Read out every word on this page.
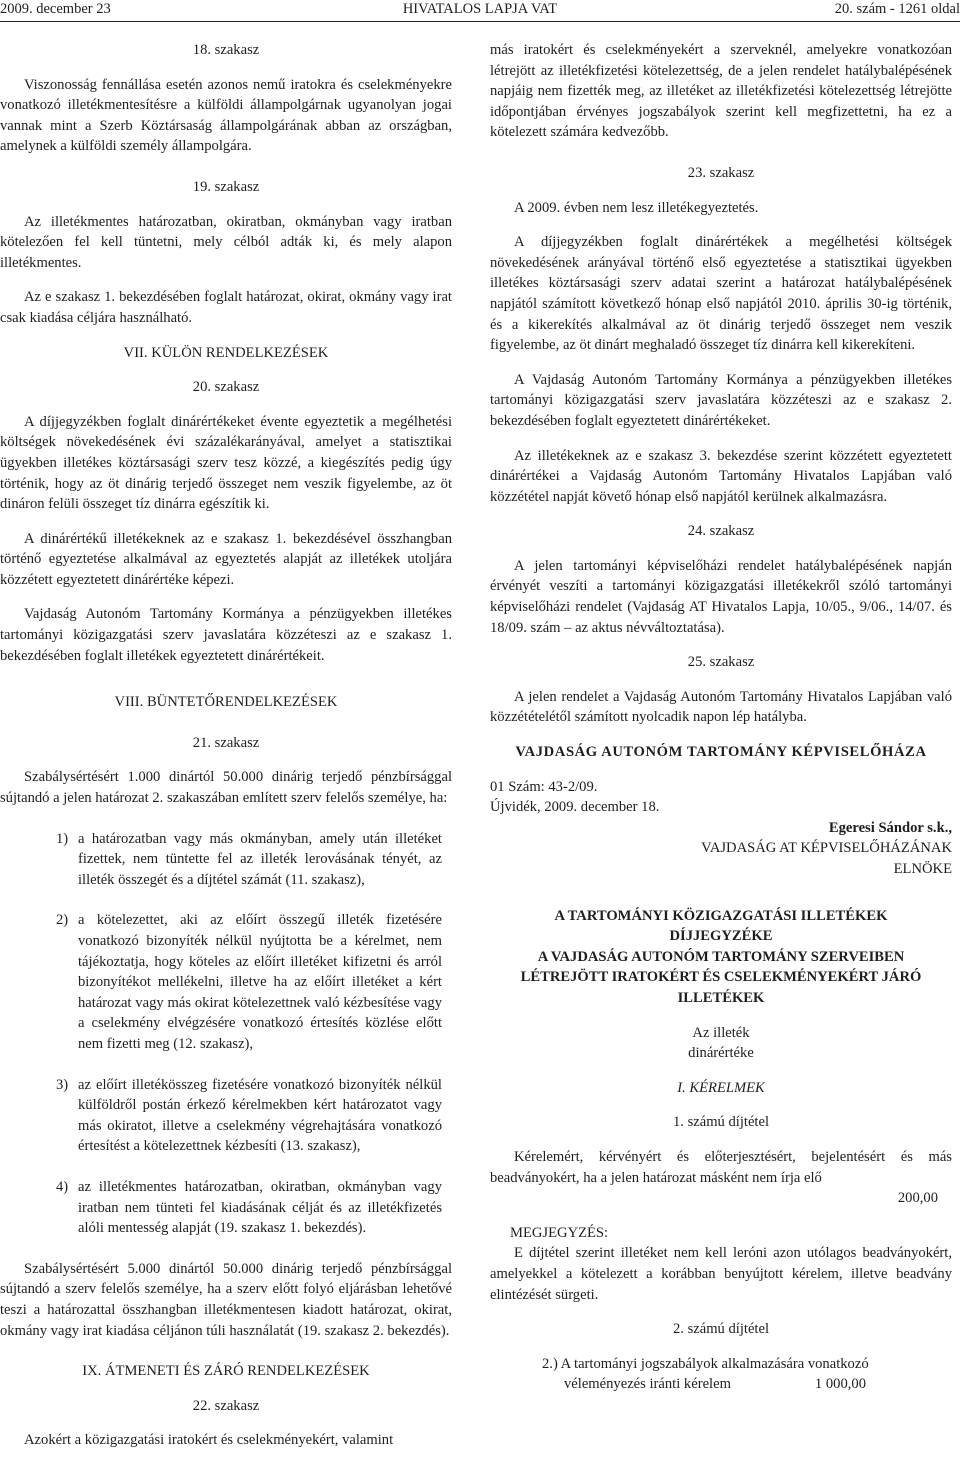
2009. december 23	HIVATALOS LAPJA VAT	20. szám - 1261 oldal

18. szakasz

Viszonosság fennállása esetén azonos nemű iratokra és cselekményekre vonatkozó illetékmentesítésre a külföldi állampolgárnak ugyanolyan jogai vannak mint a Szerb Köztársaság állampolgárának abban az országban, amelynek a külföldi személy állampolgára.

19. szakasz

Az illetékmentes határozatban, okiratban, okmányban vagy iratban kötelezően fel kell tüntetni, mely célból adták ki, és mely alapon illetékmentes.

Az e szakasz 1. bekezdésében foglalt határozat, okirat, okmány vagy irat csak kiadása céljára használható.

VII. KÜLÖN RENDELKEZÉSEK

20. szakasz

A díjjegyzékben foglalt dinárértékeket évente egyeztetik a megélhetési költségek növekedésének évi százalékarányával, amelyet a statisztikai ügyekben illetékes köztársasági szerv tesz közzé, a kiegészítés pedig úgy történik, hogy az öt dinárig terjedő összeget nem veszik figyelembe, az öt dináron felüli összeget tíz dinárra egészítik ki.

A dinárértékű illetékeknek az e szakasz 1. bekezdésével összhangban történő egyeztetése alkalmával az egyeztetés alapját az illetékek utoljára közzétett egyeztetett dinárértéke képezi.

Vajdaság Autonóm Tartomány Kormánya a pénzügyekben illetékes tartományi közigazgatási szerv javaslatára közzéteszi az e szakasz 1. bekezdésében foglalt illetékek egyeztetett dinárértékeit.

VIII. BÜNTETŐRENDELKEZÉSEK

21. szakasz

Szabálysértésért 1.000 dinártól 50.000 dinárig terjedő pénzbírsággal sújtandó a jelen határozat 2. szakaszában említett szerv felelős személye, ha:

1) a határozatban vagy más okmányban, amely után illetéket fizettek, nem tüntette fel az illeték lerovásának tényét, az illeték összegét és a díjtétel számát (11. szakasz),
2) a kötelezettet, aki az előírt összegű illeték fizetésére vonatkozó bizonyíték nélkül nyújtotta be a kérelmet, nem tájékoztatja, hogy köteles az előírt illetéket kifizetni és arról bizonyítékot mellékelni, illetve ha az előírt illetéket a kért határozat vagy más okirat kötelezettnek való kézbesítése vagy a cselekmény elvégzésére vonatkozó értesítés közlése előtt nem fizetti meg (12. szakasz),
3) az előírt illetékösszeg fizetésére vonatkozó bizonyíték nélkül külföldről postán érkező kérelmekben kért határozatot vagy más okiratot, illetve a cselekmény végrehajtására vonatkozó értesítést a kötelezettnek kézbesíti (13. szakasz),
4) az illetékmentes határozatban, okiratban, okmányban vagy iratban nem tünteti fel kiadásának célját és az illetékfizetés alóli mentesség alapját (19. szakasz 1. bekezdés).

Szabálysértésért 5.000 dinártól 50.000 dinárig terjedő pénzbírsággal sújtandó a szerv felelős személye, ha a szerv előtt folyó eljárásban lehetővé teszi a határozattal összhangban illetékmentesen kiadott határozat, okirat, okmány vagy irat kiadása céljánon túli használatát (19. szakasz 2. bekezdés).

IX. ÁTMENETI ÉS ZÁRÓ RENDELKEZÉSEK

22. szakasz

Azokért a közigazgatási iratokért és cselekményekért, valamint

más iratokért és cselekményekért a szerveknél, amelyekre vonatkozóan létrejött az illetékfizetési kötelezettség, de a jelen rendelet hatálybalépésének napjáig nem fizették meg, az illetéket az illetékfizetési kötelezettség létrejötte időpontjában érvényes jogszabályok szerint kell megfizettetni, ha ez a kötelezett számára kedvezőbb.

23. szakasz

A 2009. évben nem lesz illetékegyeztetés.

A díjjegyzékben foglalt dinárértékek a megélhetési költségek növekedésének arányával történő első egyeztetése a statisztikai ügyekben illetékes köztársasági szerv adatai szerint a határozat hatálybalépésének napjától számított következő hónap első napjától 2010. április 30-ig történik, és a kikerekítés alkalmával az öt dinárig terjedő összeget nem veszik figyelembe, az öt dinárt meghaladó összeget tíz dinárra kell kikerekíteni.

A Vajdaság Autonóm Tartomány Kormánya a pénzügyekben illetékes tartományi közigazgatási szerv javaslatára közzéteszi az e szakasz 2. bekezdésében foglalt egyeztetett dinárértékeket.

Az illetékeknek az e szakasz 3. bekezdése szerint közzétett egyeztetett dinárértékei a Vajdaság Autonóm Tartomány Hivatalos Lapjában való közzététel napját követő hónap első napjától kerülnek alkalmazásra.

24. szakasz

A jelen tartományi képviselőházi rendelet hatálybalépésének napján érvényét veszíti a tartományi közigazgatási illetékekről szóló tartományi képviselőházi rendelet (Vajdaság AT Hivatalos Lapja, 10/05., 9/06., 14/07. és 18/09. szám – az aktus névváltoztatása).

25. szakasz

A jelen rendelet a Vajdaság Autonóm Tartomány Hivatalos Lapjában való közzétételétől számított nyolcadik napon lép hatályba.

VAJDASÁG AUTONÓM TARTOMÁNY KÉPVISELŐHÁZA

01 Szám: 43-2/09.

Újvidék, 2009. december 18.

Egeresi Sándor s.k.,

VAJDASÁG AT KÉPVISELŐHÁZÁNAK

ELNÖKE

A TARTOMÁNYI KÖZIGAZGATÁSI ILLETÉKEK

DÍJJEGYZÉKE

A VAJDASÁG AUTONÓM TARTOMÁNY SZERVEIBEN

LÉTREJÖTT IRATOKÉRT ÉS CSELEKMÉNYEKÉRT JÁRÓ

ILLETÉKEK

Az illeték

dinárértéke

I. KÉRELMEK

1. számú díjtétel

Kérelemért, kérvényért és előterjesztésért, bejelentésért és más beadványokért, ha a jelen határozat másként nem írja elő

200,00

MEGJEGYZÉS:

E díjtétel szerint illetéket nem kell leróni azon utólagos beadványokért, amelyekkel a kötelezett a korábban benyújtott kérelem, illetve beadvány elintézését sürgeti.

2. számú díjtétel

2.) A tartományi jogszabályok alkalmazására vonatkozó

véleményezés iránti kérelem	1 000,00
